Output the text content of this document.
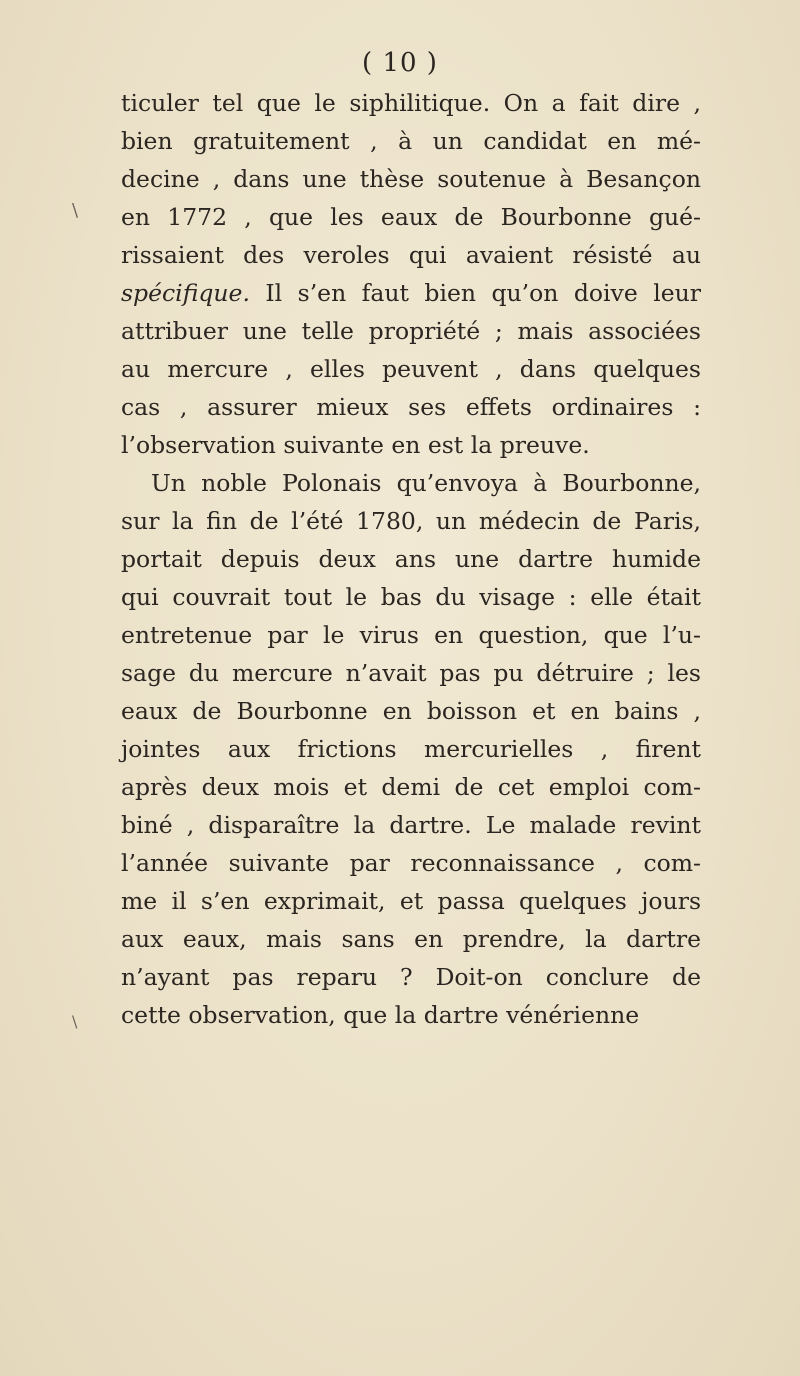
( 10 )
\
\
ticuler tel que le siphilitique. On a fait dire ,
bien gratuitement , à un candidat en mé-
decine , dans une thèse soutenue à Besançon
en 1772 , que les eaux de Bourbonne gué-
rissaient des veroles qui avaient résisté au
spécifique. Il s’en faut bien qu’on doive leur
attribuer une telle propriété ; mais associées
au mercure , elles peuvent , dans quelques
cas , assurer mieux ses effets ordinaires :
l’observation suivante en est la preuve.
Un noble Polonais qu’envoya à Bourbonne,
sur la fin de l’été 1780, un médecin de Paris,
portait depuis deux ans une dartre humide
qui couvrait tout le bas du visage : elle était
entretenue par le virus en question, que l’u-
sage du mercure n’avait pas pu détruire ; les
eaux de Bourbonne en boisson et en bains ,
jointes aux frictions mercurielles , firent
après deux mois et demi de cet emploi com-
biné , disparaître la dartre. Le malade revint
l’année suivante par reconnaissance , com-
me il s’en exprimait, et passa quelques jours
aux eaux, mais sans en prendre, la dartre
n’ayant pas reparu ? Doit-on conclure de
cette observation, que la dartre vénérienne
